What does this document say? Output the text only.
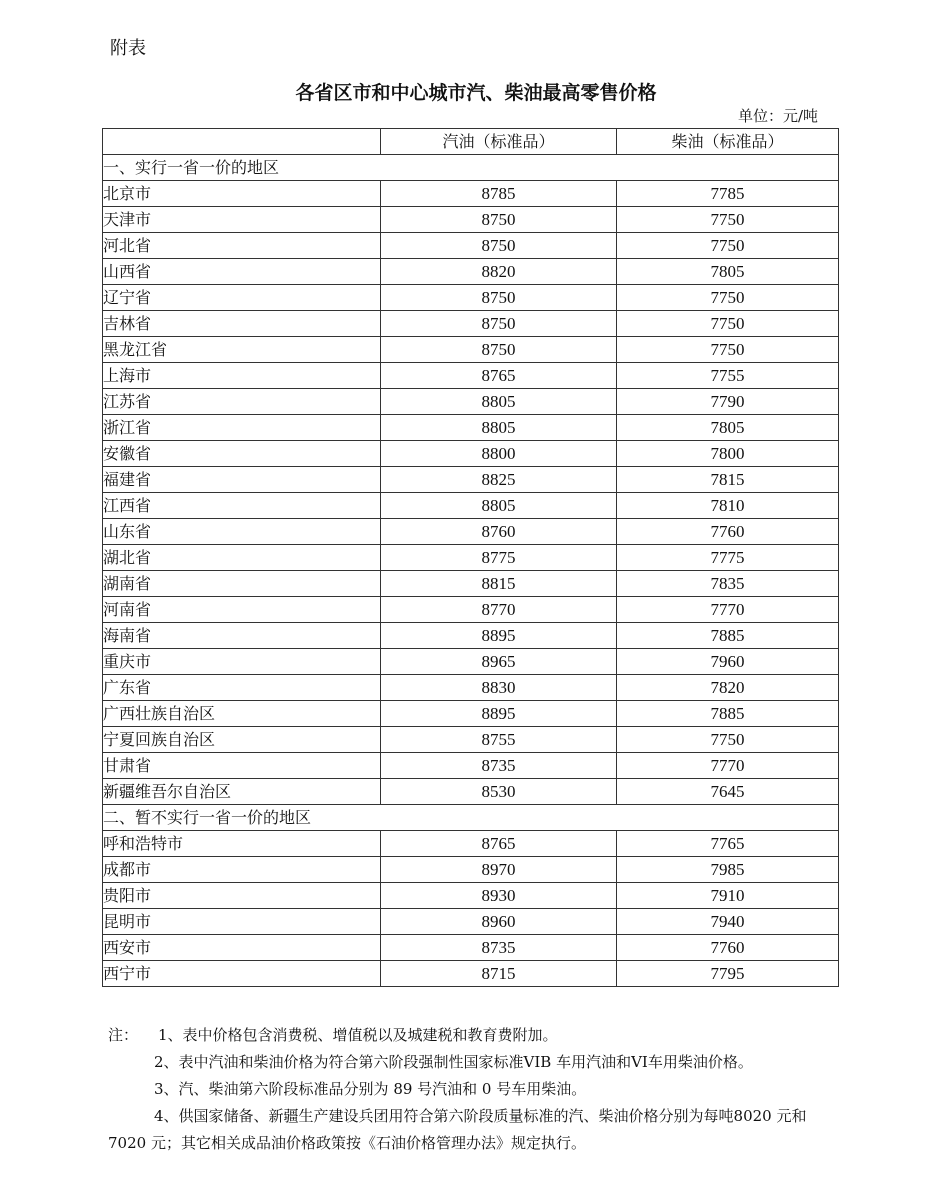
附表
各省区市和中心城市汽、柴油最高零售价格
单位：元/吨
	汽油（标准品）	柴油（标准品）
一、实行一省一价的地区		
北京市	8785	7785
天津市	8750	7750
河北省	8750	7750
山西省	8820	7805
辽宁省	8750	7750
吉林省	8750	7750
黑龙江省	8750	7750
上海市	8765	7755
江苏省	8805	7790
浙江省	8805	7805
安徽省	8800	7800
福建省	8825	7815
江西省	8805	7810
山东省	8760	7760
湖北省	8775	7775
湖南省	8815	7835
河南省	8770	7770
海南省	8895	7885
重庆市	8965	7960
广东省	8830	7820
广西壮族自治区	8895	7885
宁夏回族自治区	8755	7750
甘肃省	8735	7770
新疆维吾尔自治区	8530	7645
二、暂不实行一省一价的地区		
呼和浩特市	8765	7765
成都市	8970	7985
贵阳市	8930	7910
昆明市	8960	7940
西安市	8735	7760
西宁市	8715	7795
注： 1、表中价格包含消费税、增值税以及城建税和教育费附加。
2、表中汽油和柴油价格为符合第六阶段强制性国家标准VIB 车用汽油和VI车用柴油价格。
3、汽、柴油第六阶段标准品分别为 89 号汽油和 0 号车用柴油。
4、供国家储备、新疆生产建设兵团用符合第六阶段质量标准的汽、柴油价格分别为每吨8020 元和 7020 元；其它相关成品油价格政策按《石油价格管理办法》规定执行。
